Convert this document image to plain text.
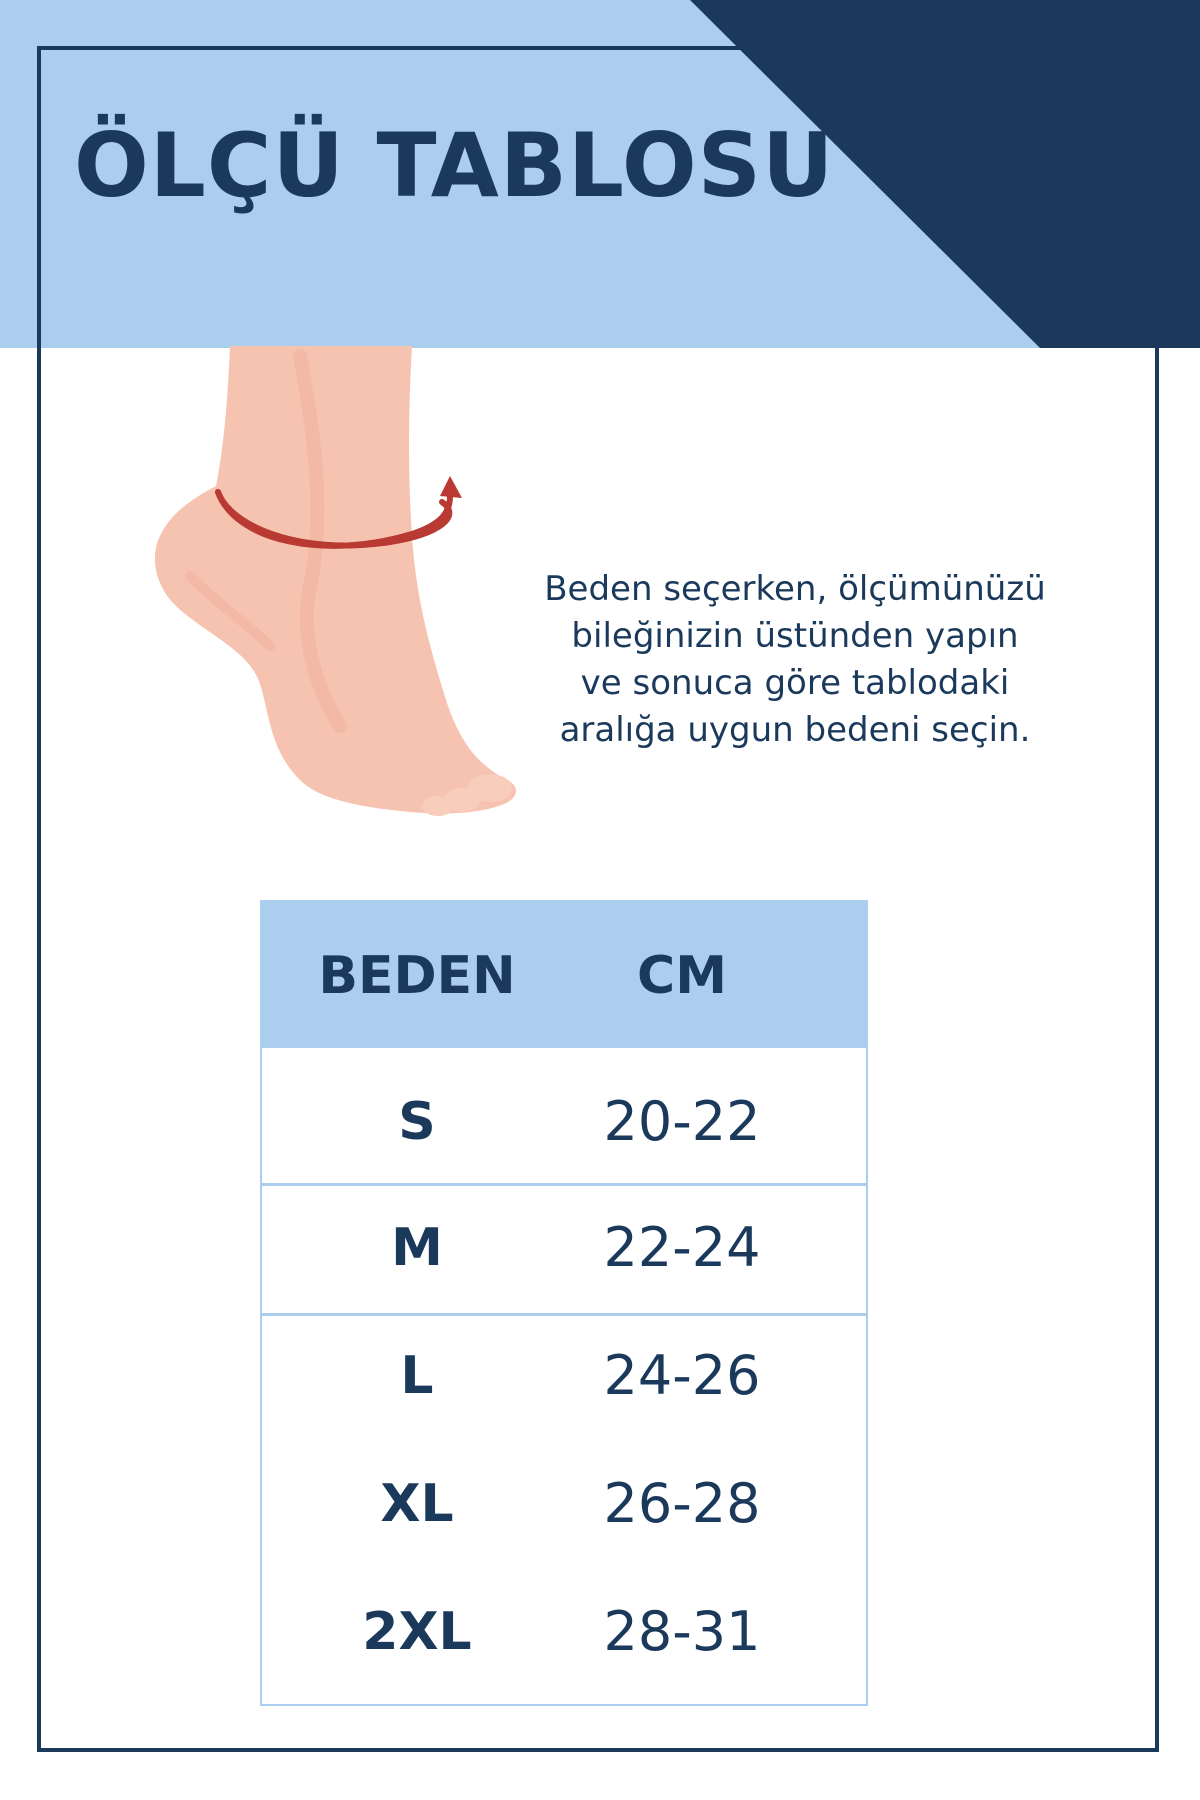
ÖLÇÜ TABLOSU

Beden seçerken, ölçümünüzü
bileğinizin üstünden yapın
ve sonuca göre tablodaki
aralığa uygun bedeni seçin.

BEDEN	CM
S	20-22
M	22-24
L	24-26
XL	26-28
2XL	28-31
